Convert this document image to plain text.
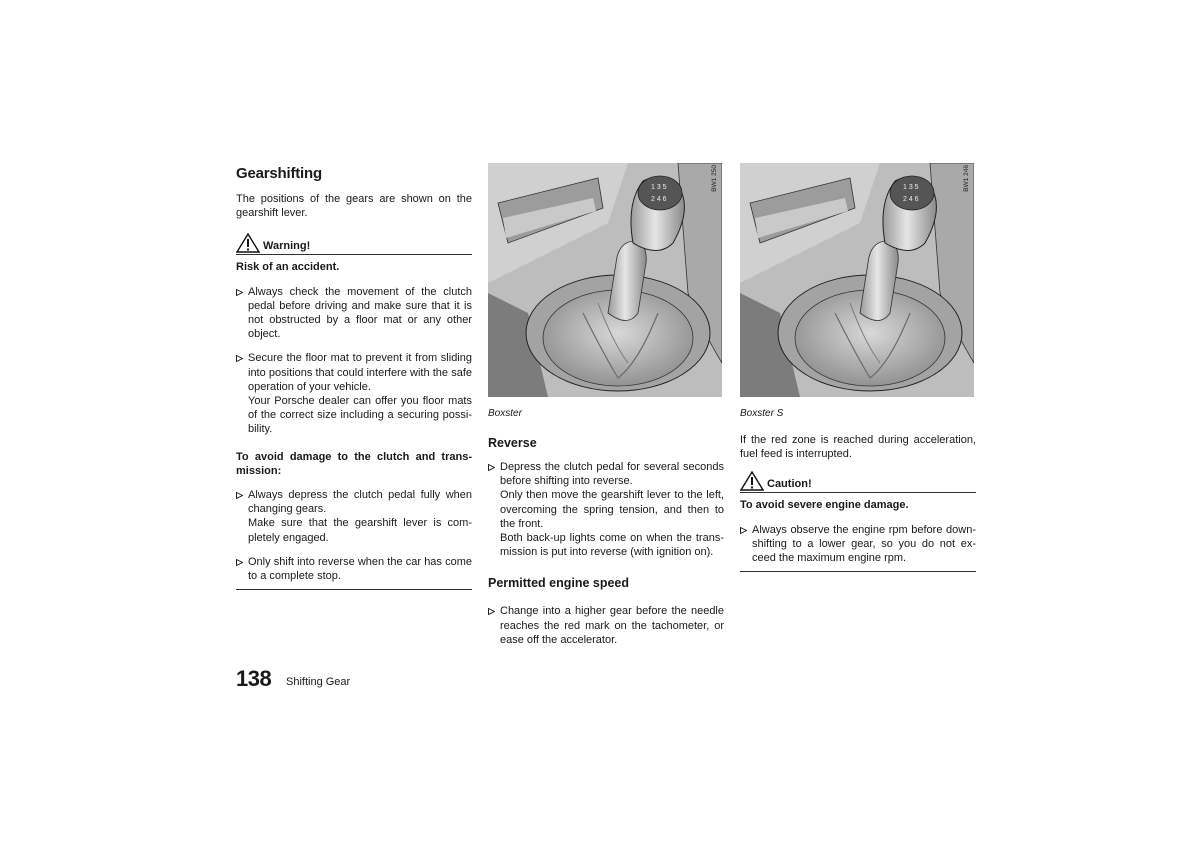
Gearshifting

The positions of the gears are shown on the gearshift lever.

Warning!
Risk of an accident.

Always check the movement of the clutch pedal before driving and make sure that it is not obstructed by a floor mat or any other object.

Secure the floor mat to prevent it from sliding into positions that could interfere with the safe operation of your vehicle.

Your Porsche dealer can offer you floor mats of the correct size including a securing possi-bility.

To avoid damage to the clutch and trans-mission:

Always depress the clutch pedal fully when changing gears.

Make sure that the gearshift lever is com-pletely engaged.

Only shift into reverse when the car has come to a complete stop.

1 3 5
2 4 6
BW1 250
Boxster
Reverse

Depress the clutch pedal for several seconds before shifting into reverse.

Only then move the gearshift lever to the left, overcoming the spring tension, and then to the front.

Both back-up lights come on when the trans-mission is put into reverse (with ignition on).

Permitted engine speed

Change into a higher gear before the needle reaches the red mark on the tachometer, or ease off the accelerator.

1 3 5
2 4 6
BW1 246
Boxster S

If the red zone is reached during acceleration, fuel feed is interrupted.

Caution!
To avoid severe engine damage.

Always observe the engine rpm before down-shifting to a lower gear, so you do not ex-ceed the maximum engine rpm.

138 Shifting Gear
